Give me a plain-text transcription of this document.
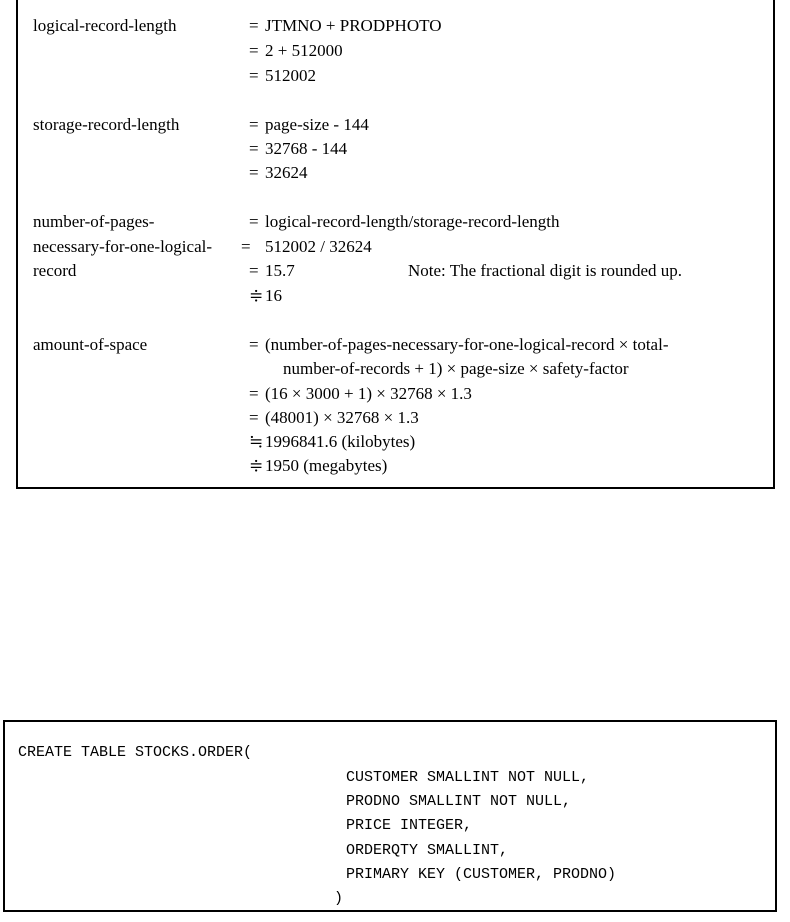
logical-record-length	= JTMNO + PRODPHOTO
= 2 + 512000
= 512002
storage-record-length	= page-size - 144
= 32768 - 144
= 32624
number-of-pages-	= logical-record-length/storage-record-length
necessary-for-one-logical- = 512002 / 32624
record	= 15.7	Note: The fractional digit is rounded up.
≑ 16
amount-of-space	= (number-of-pages-necessary-for-one-logical-record × total-
number-of-records + 1) × page-size × safety-factor
= (16 × 3000 + 1) × 32768 × 1.3
= (48001) × 32768 × 1.3
≒ 1996841.6 (kilobytes)
≑ 1950 (megabytes)
CREATE TABLE STOCKS.ORDER(
CUSTOMER SMALLINT NOT NULL,
PRODNO SMALLINT NOT NULL,
PRICE INTEGER,
ORDERQTY SMALLINT,
PRIMARY KEY (CUSTOMER, PRODNO)
)
